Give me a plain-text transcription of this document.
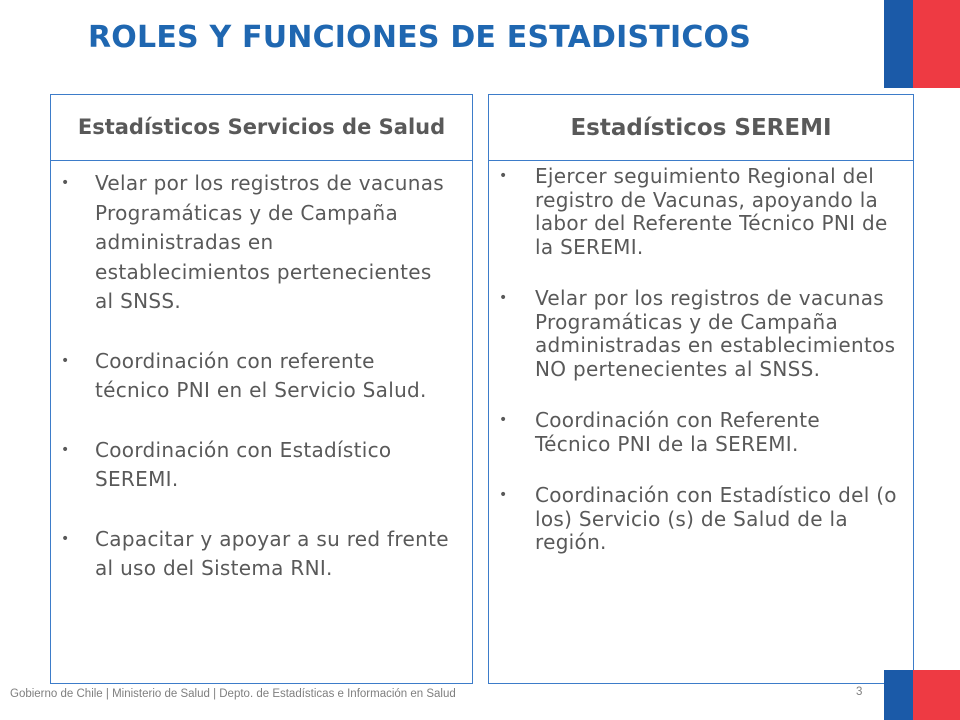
ROLES Y FUNCIONES DE ESTADISTICOS
Estadísticos Servicios de Salud
• Velar por los registros de vacunas Programáticas y de Campaña administradas en establecimientos pertenecientes al SNSS.
• Coordinación con referente técnico PNI en el Servicio Salud.
• Coordinación con Estadístico SEREMI.
• Capacitar y apoyar a su red frente al uso del Sistema RNI.
Estadísticos SEREMI
• Ejercer seguimiento Regional del registro de Vacunas, apoyando la labor del Referente Técnico PNI de la SEREMI.
• Velar por los registros de vacunas Programáticas y de Campaña administradas en establecimientos NO pertenecientes al SNSS.
• Coordinación con Referente Técnico PNI de la SEREMI.
• Coordinación con Estadístico del (o los) Servicio (s) de Salud de la región.
Gobierno de Chile | Ministerio de Salud | Depto. de Estadísticas e Información en Salud	3
